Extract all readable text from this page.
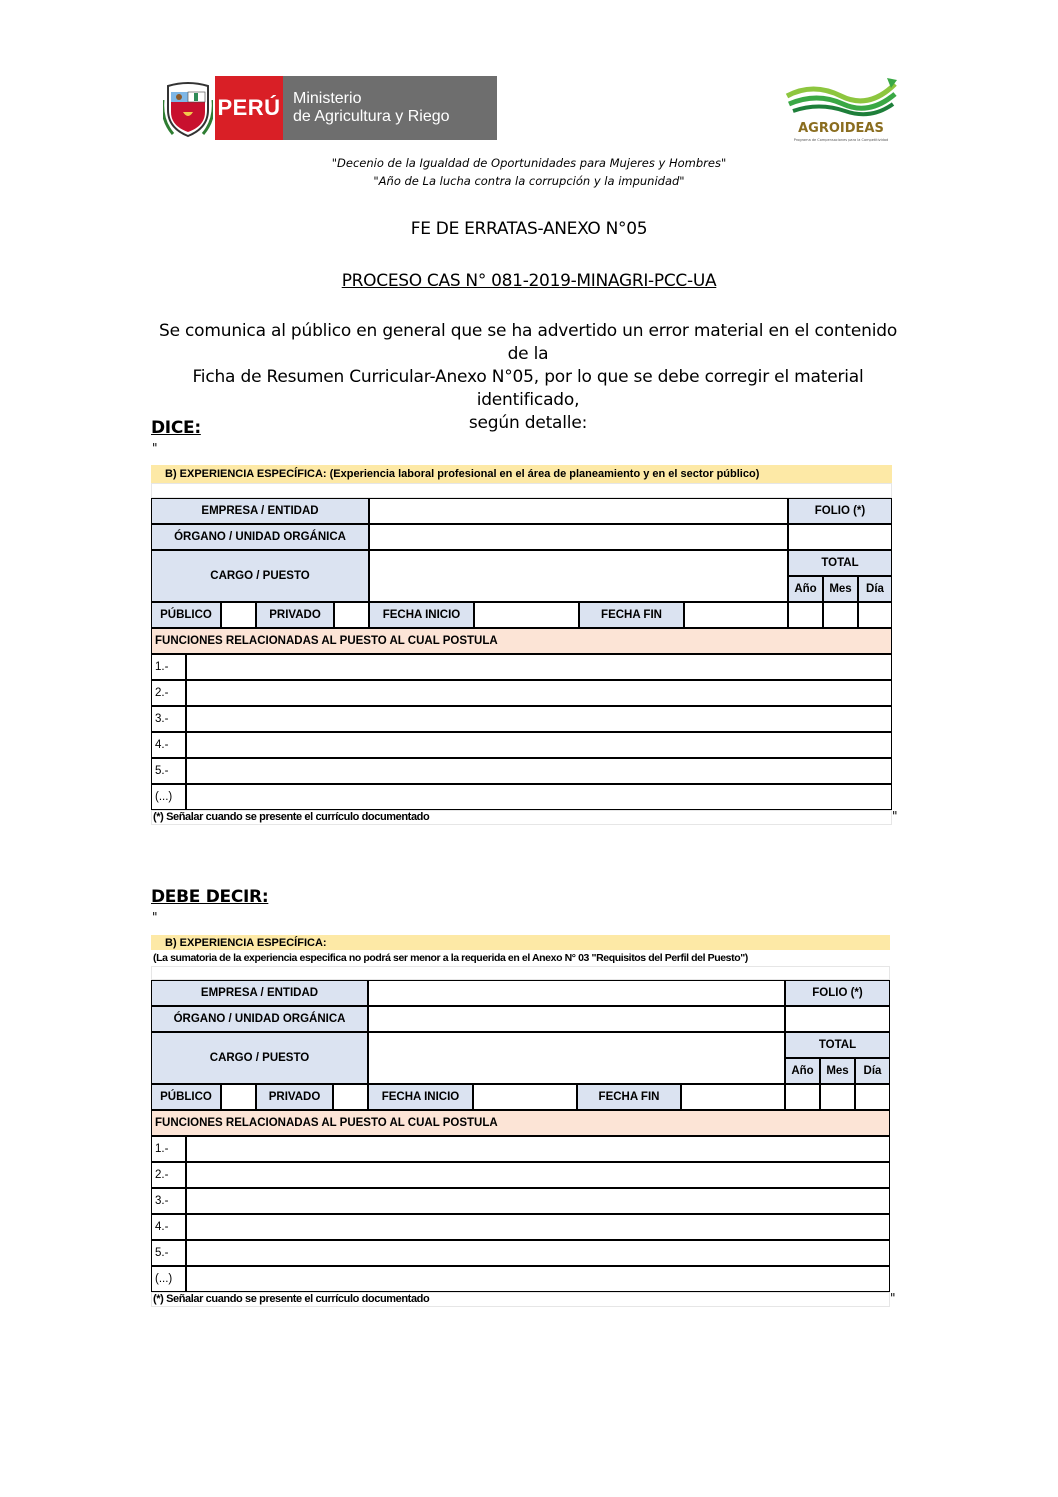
PERÚ Ministerio
de Agricultura y Riego
AGROIDEAS
Programa de Compensaciones para la Competitividad
"Decenio de la Igualdad de Oportunidades para Mujeres y Hombres"
"Año de La lucha contra la corrupción y la impunidad"
FE DE ERRATAS-ANEXO N°05
PROCESO CAS N° 081-2019-MINAGRI-PCC-UA
Se comunica al público en general que se ha advertido un error material en el contenido de la
Ficha de Resumen Curricular-Anexo N°05, por lo que se debe corregir el material identificado,
según detalle:
DICE:
"
B) EXPERIENCIA ESPECÍFICA: (Experiencia laboral profesional en el área de planeamiento y en el sector público)
EMPRESA / ENTIDAD	FOLIO (*)
ÓRGANO / UNIDAD ORGÁNICA
CARGO / PUESTO
TOTAL
Año	Mes	Día
PÚBLICO	PRIVADO	FECHA INICIO	FECHA FIN
FUNCIONES RELACIONADAS AL PUESTO AL CUAL POSTULA
1.-
2.-
3.-
4.-
5.-
(...)
(*) Señalar cuando se presente el currículo documentado	"
DEBE DECIR:
"
B) EXPERIENCIA ESPECÍFICA:
(La sumatoria de la experiencia especifica no podrá ser menor a la requerida en el Anexo N° 03 "Requisitos del Perfil del Puesto")
EMPRESA / ENTIDAD	FOLIO (*)
ÓRGANO / UNIDAD ORGÁNICA
CARGO / PUESTO
TOTAL
Año	Mes	Día
PÚBLICO	PRIVADO	FECHA INICIO	FECHA FIN
FUNCIONES RELACIONADAS AL PUESTO AL CUAL POSTULA
1.-
2.-
3.-
4.-
5.-
(...)
(*) Señalar cuando se presente el currículo documentado	"
